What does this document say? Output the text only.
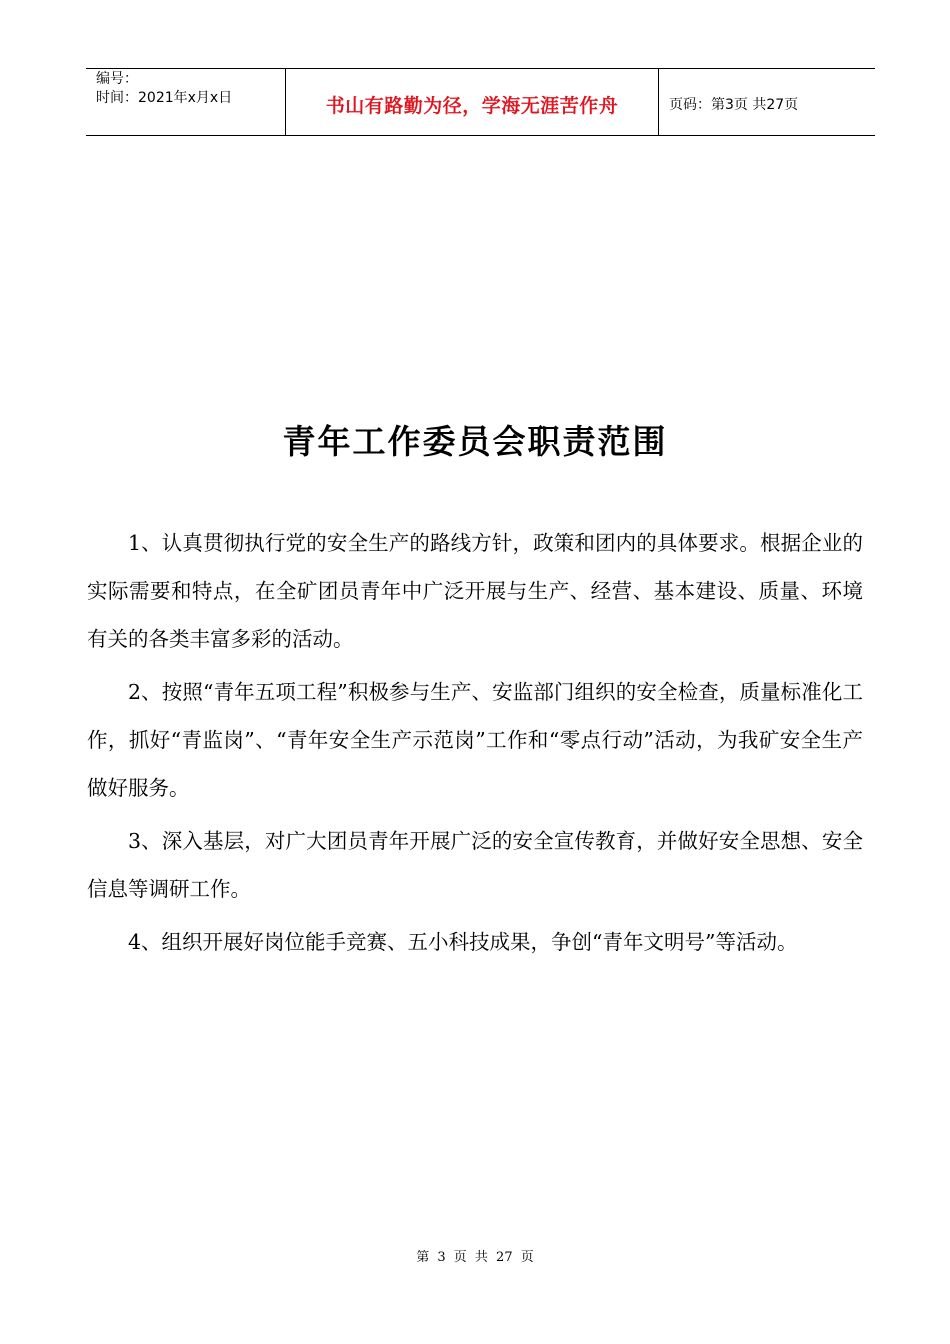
编号：
时间：2021年x月x日	书山有路勤为径，学海无涯苦作舟	页码：第3页 共27页
青年工作委员会职责范围

1、认真贯彻执行党的安全生产的路线方针，政策和团内的具体要求。根据企业的实际需要和特点，在全矿团员青年中广泛开展与生产、经营、基本建设、质量、环境有关的各类丰富多彩的活动。

2、按照“青年五项工程”积极参与生产、安监部门组织的安全检查，质量标准化工作，抓好“青监岗”、“青年安全生产示范岗”工作和“零点行动”活动，为我矿安全生产做好服务。

3、深入基层，对广大团员青年开展广泛的安全宣传教育，并做好安全思想、安全信息等调研工作。

4、组织开展好岗位能手竞赛、五小科技成果，争创“青年文明号”等活动。

第 3 页 共 27 页
